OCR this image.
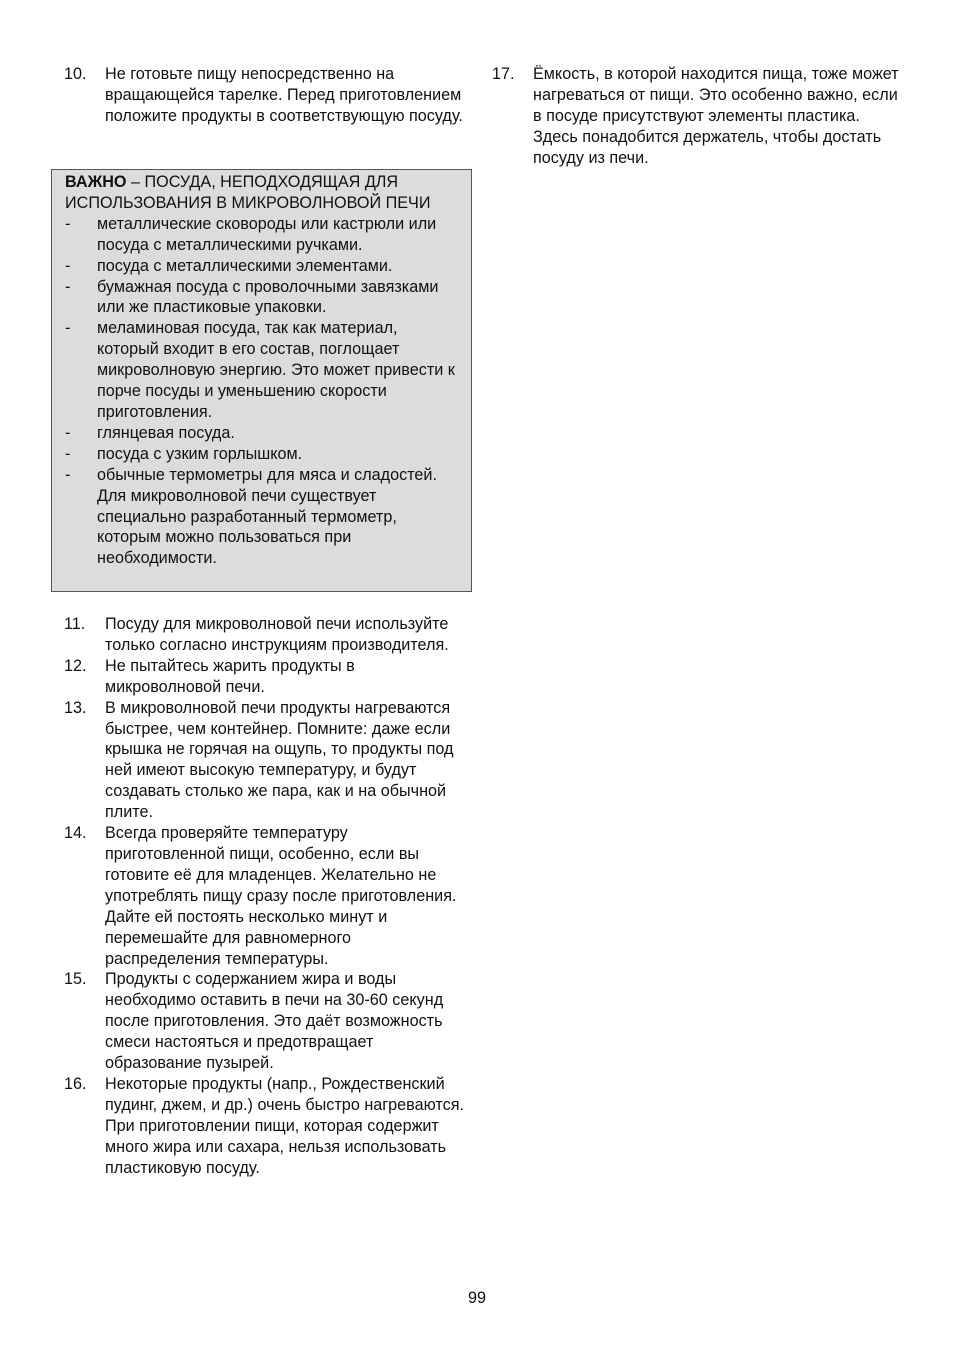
10.	Не готовьте пищу непосредственно на вращающейся тарелке. Перед приготовлением положите продукты в соответствующую посуду.
ВАЖНО – ПОСУДА, НЕПОДХОДЯЩАЯ ДЛЯ ИСПОЛЬЗОВАНИЯ В МИКРОВОЛНОВОЙ ПЕЧИ
-	металлические сковороды или кастрюли или посуда с металлическими ручками.
-	посуда с металлическими элементами.
-	бумажная посуда с проволочными завязками или же пластиковые упаковки.
-	меламиновая посуда, так как материал, который входит в его состав, поглощает микроволновую энергию. Это может привести к порче посуды и уменьшению скорости приготовления.
-	глянцевая посуда.
-	посуда с узким горлышком.
-	обычные термометры для мяса и сладостей. Для микроволновой печи существует специально разработанный термометр, которым можно пользоваться при необходимости.
11.	Посуду для микроволновой печи используйте только согласно инструкциям производителя.
12.	Не пытайтесь жарить продукты в микроволновой печи.
13.	В микроволновой печи продукты нагреваются быстрее, чем контейнер. Помните: даже если крышка не горячая на ощупь, то продукты под ней имеют высокую температуру, и будут создавать столько же пара, как и на обычной плите.
14.	Всегда проверяйте температуру приготовленной пищи, особенно, если вы готовите её для младенцев. Желательно не употреблять пищу сразу после приготовления. Дайте ей постоять несколько минут и перемешайте для равномерного распределения температуры.
15.	Продукты с содержанием жира и воды необходимо оставить в печи на 30-60 секунд после приготовления. Это даёт возможность смеси настояться и предотвращает образование пузырей.
16.	Некоторые продукты (напр., Рождественский пудинг, джем, и др.) очень быстро нагреваются. При приготовлении пищи, которая содержит много жира или сахара, нельзя использовать пластиковую посуду.
17.	Ёмкость, в которой находится пища, тоже может нагреваться от пищи. Это особенно важно, если в посуде присутствуют элементы пластика. Здесь понадобится держатель, чтобы достать посуду из печи.
99
